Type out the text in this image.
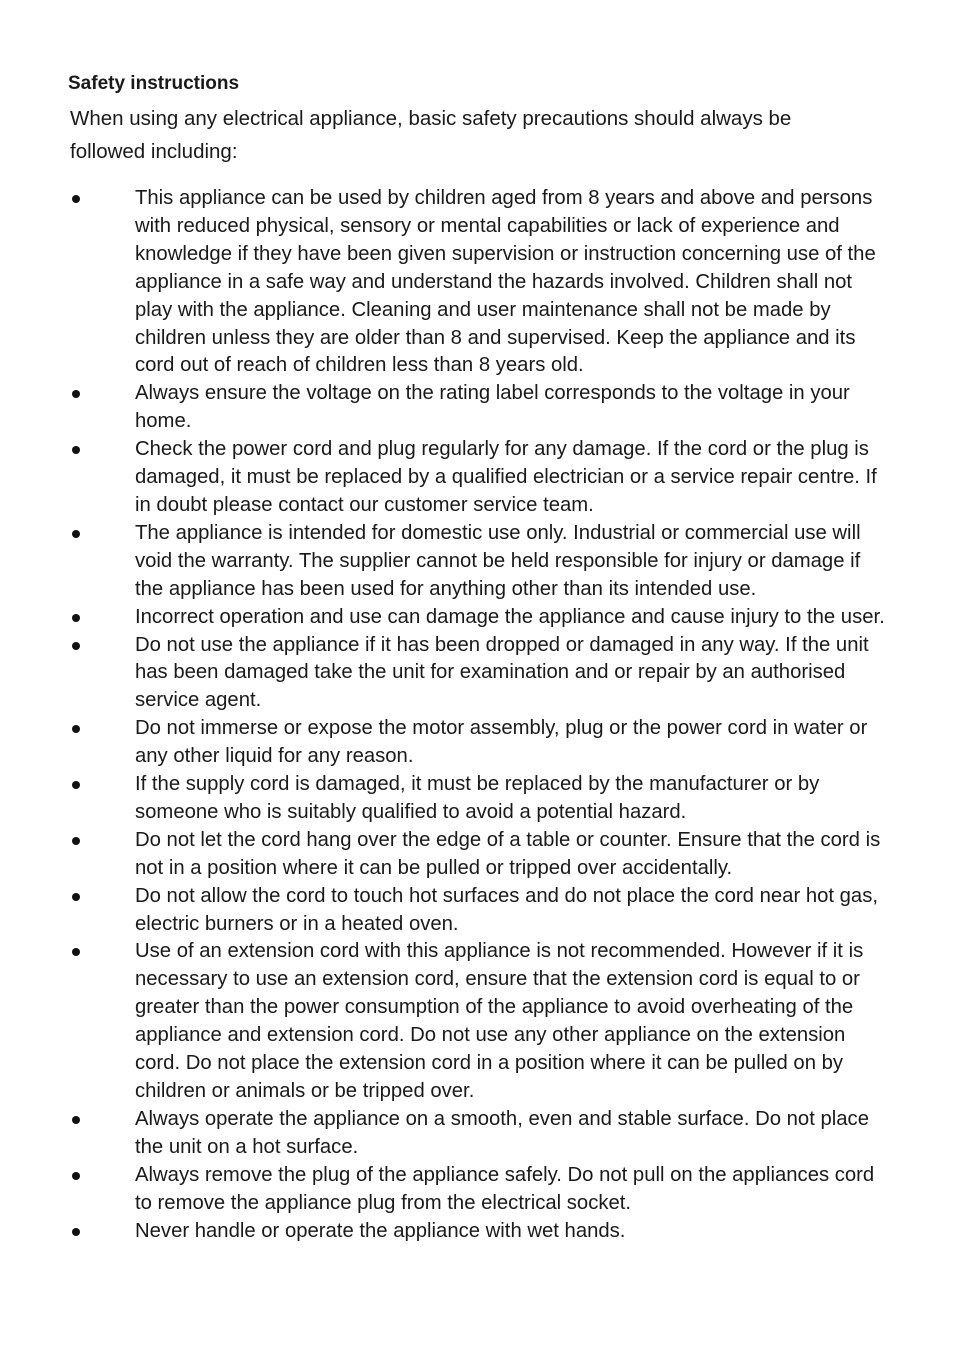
Safety instructions
When using any electrical appliance, basic safety precautions should always be followed including:
This appliance can be used by children aged from 8 years and above and persons with reduced physical, sensory or mental capabilities or lack of experience and knowledge if they have been given supervision or instruction concerning use of the appliance in a safe way and understand the hazards involved. Children shall not play with the appliance. Cleaning and user maintenance shall not be made by children unless they are older than 8 and supervised. Keep the appliance and its cord out of reach of children less than 8 years old.
Always ensure the voltage on the rating label corresponds to the voltage in your home.
Check the power cord and plug regularly for any damage. If the cord or the plug is damaged, it must be replaced by a qualified electrician or a service repair centre. If in doubt please contact our customer service team.
The appliance is intended for domestic use only. Industrial or commercial use will void the warranty. The supplier cannot be held responsible for injury or damage if the appliance has been used for anything other than its intended use.
Incorrect operation and use can damage the appliance and cause injury to the user.
Do not use the appliance if it has been dropped or damaged in any way. If the unit has been damaged take the unit for examination and or repair by an authorised service agent.
Do not immerse or expose the motor assembly, plug or the power cord in water or any other liquid for any reason.
If the supply cord is damaged, it must be replaced by the manufacturer or by someone who is suitably qualified to avoid a potential hazard.
Do not let the cord hang over the edge of a table or counter. Ensure that the cord is not in a position where it can be pulled or tripped over accidentally.
Do not allow the cord to touch hot surfaces and do not place the cord near hot gas, electric burners or in a heated oven.
Use of an extension cord with this appliance is not recommended. However if it is necessary to use an extension cord, ensure that the extension cord is equal to or greater than the power consumption of the appliance to avoid overheating of the appliance and extension cord. Do not use any other appliance on the extension cord. Do not place the extension cord in a position where it can be pulled on by children or animals or be tripped over.
Always operate the appliance on a smooth, even and stable surface. Do not place the unit on a hot surface.
Always remove the plug of the appliance safely. Do not pull on the appliances cord to remove the appliance plug from the electrical socket.
Never handle or operate the appliance with wet hands.
